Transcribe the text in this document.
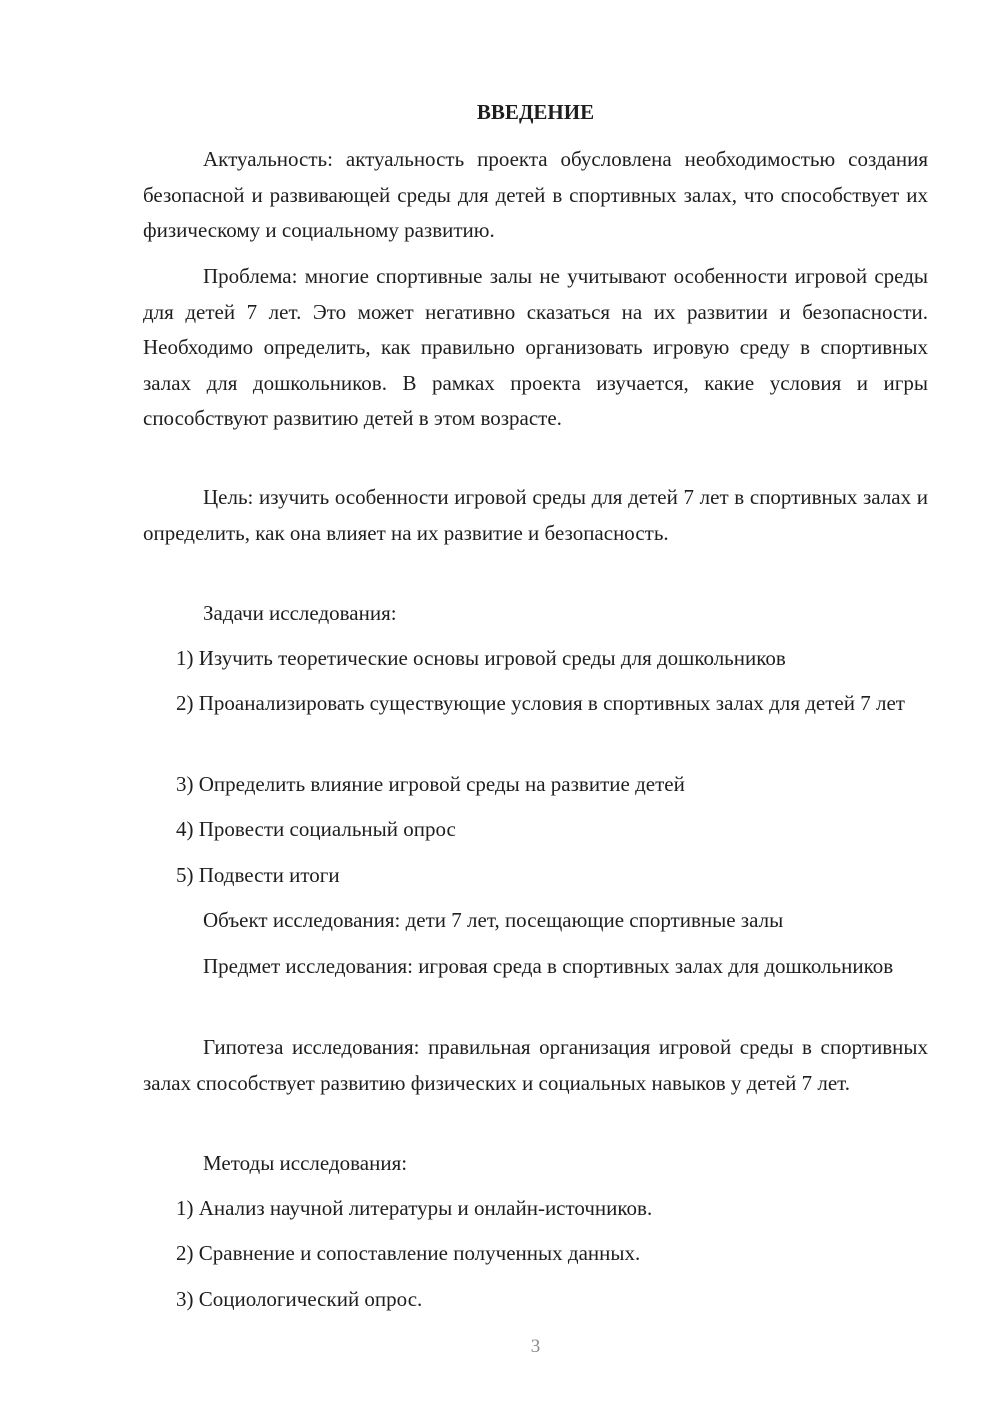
ВВЕДЕНИЕ

Актуальность: актуальность проекта обусловлена необходимостью создания безопасной и развивающей среды для детей в спортивных залах, что способствует их физическому и социальному развитию.

Проблема: многие спортивные залы не учитывают особенности игровой среды для детей 7 лет. Это может негативно сказаться на их развитии и безопасности. Необходимо определить, как правильно организовать игровую среду в спортивных залах для дошкольников. В рамках проекта изучается, какие условия и игры способствуют развитию детей в этом возрасте.

Цель: изучить особенности игровой среды для детей 7 лет в спортивных залах и определить, как она влияет на их развитие и безопасность.

Задачи исследования:

1) Изучить теоретические основы игровой среды для дошкольников

2) Проанализировать существующие условия в спортивных залах для детей 7 лет

3) Определить влияние игровой среды на развитие детей

4) Провести социальный опрос

5) Подвести итоги

Объект исследования: дети 7 лет, посещающие спортивные залы

Предмет исследования: игровая среда в спортивных залах для дошкольников

Гипотеза исследования: правильная организация игровой среды в спортивных залах способствует развитию физических и социальных навыков у детей 7 лет.

Методы исследования:

1) Анализ научной литературы и онлайн-источников.

2) Сравнение и сопоставление полученных данных.

3) Социологический опрос.

3
